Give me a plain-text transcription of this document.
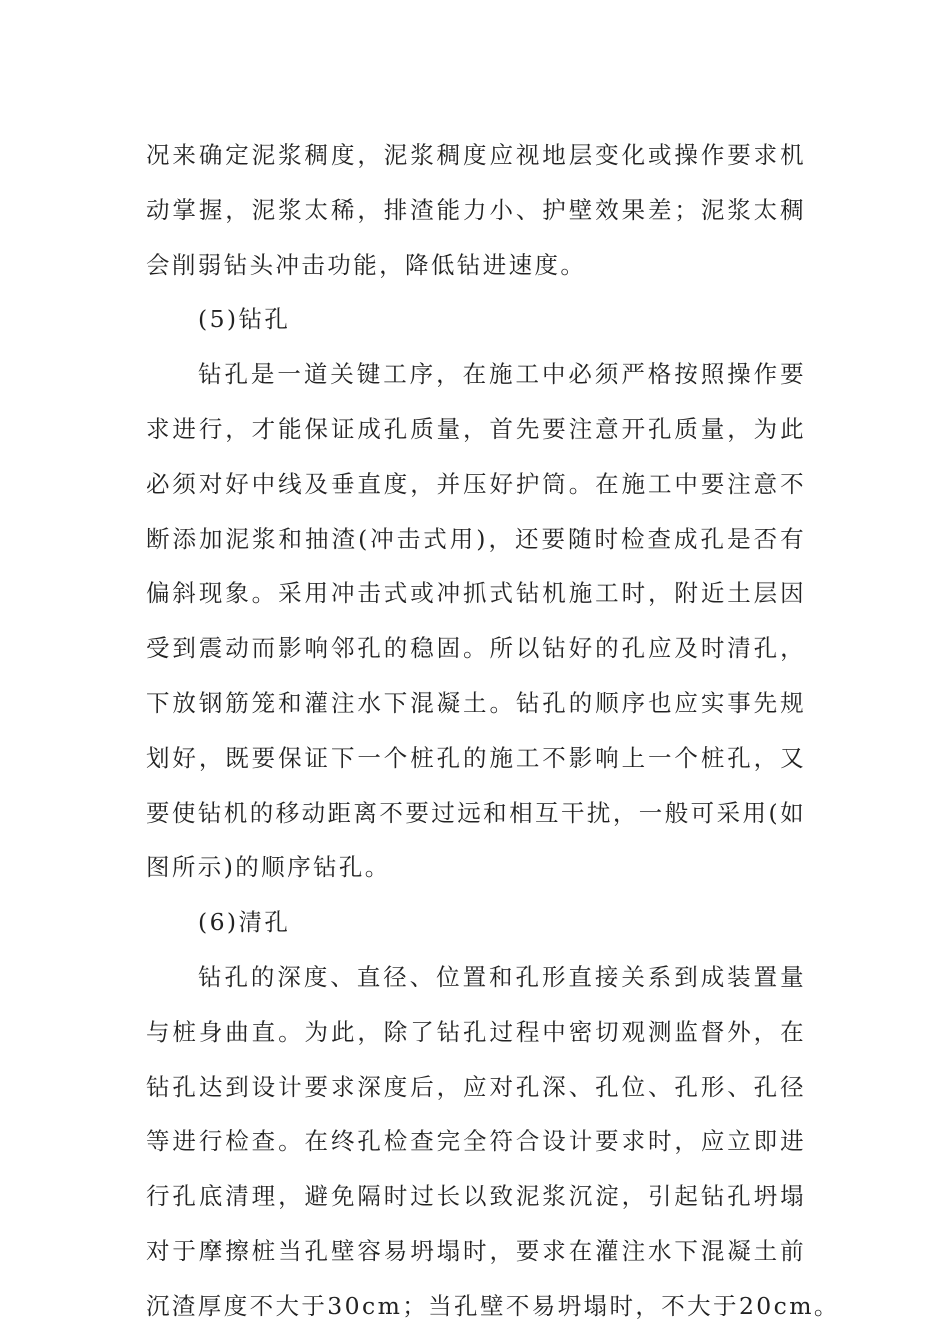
况来确定泥浆稠度，泥浆稠度应视地层变化或操作要求机
动掌握，泥浆太稀，排渣能力小、护壁效果差；泥浆太稠
会削弱钻头冲击功能，降低钻进速度。
(5)钻孔
钻孔是一道关键工序，在施工中必须严格按照操作要
求进行，才能保证成孔质量，首先要注意开孔质量，为此
必须对好中线及垂直度，并压好护筒。在施工中要注意不
断添加泥浆和抽渣(冲击式用)，还要随时检查成孔是否有
偏斜现象。采用冲击式或冲抓式钻机施工时，附近土层因
受到震动而影响邻孔的稳固。所以钻好的孔应及时清孔，
下放钢筋笼和灌注水下混凝土。钻孔的顺序也应实事先规
划好，既要保证下一个桩孔的施工不影响上一个桩孔，又
要使钻机的移动距离不要过远和相互干扰，一般可采用(如
图所示)的顺序钻孔。
(6)清孔
钻孔的深度、直径、位置和孔形直接关系到成装置量
与桩身曲直。为此，除了钻孔过程中密切观测监督外，在
钻孔达到设计要求深度后，应对孔深、孔位、孔形、孔径
等进行检查。在终孔检查完全符合设计要求时，应立即进
行孔底清理，避免隔时过长以致泥浆沉淀，引起钻孔坍塌
对于摩擦桩当孔壁容易坍塌时，要求在灌注水下混凝土前
沉渣厚度不大于30cm；当孔壁不易坍塌时，不大于20cm。
